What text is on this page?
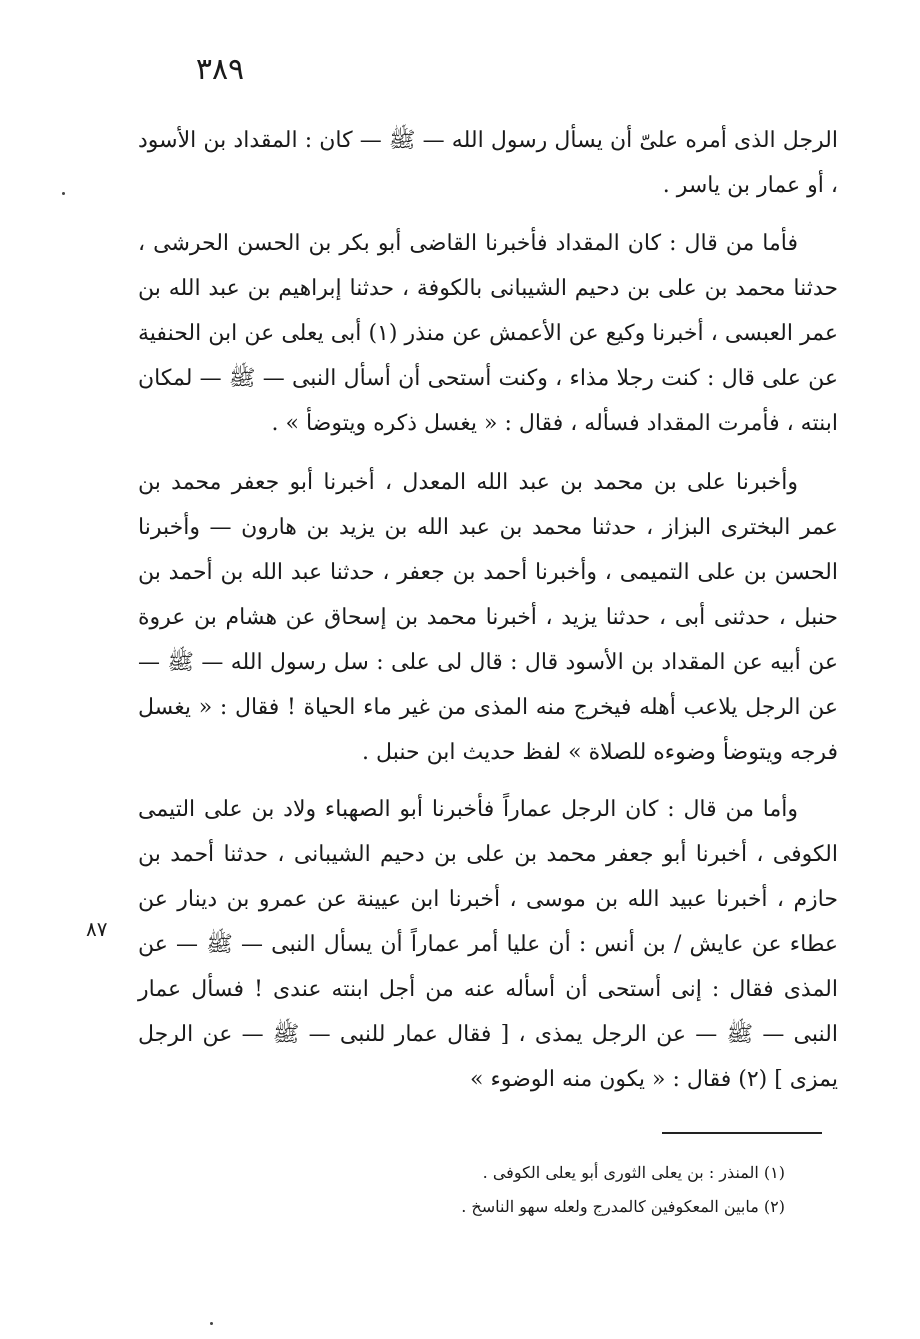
٣٨٩

الرجل الذى أمره علىّ أن يسأل رسول الله — ﷺ — كان : المقداد بن الأسود ، أو عمار بن ياسر .

فأما من قال : كان المقداد فأخبرنا القاضى أبو بكر بن الحسن الحرشى ، حدثنا محمد بن على بن دحيم الشيبانى بالكوفة ، حدثنا إبراهيم بن عبد الله بن عمر العبسى ، أخبرنا وكيع عن الأعمش عن منذر (١) أبى يعلى عن ابن الحنفية عن على قال : كنت رجلا مذاء ، وكنت أستحى أن أسأل النبى — ﷺ — لمكان ابنته ، فأمرت المقداد فسأله ، فقال : « يغسل ذكره ويتوضأ » .

وأخبرنا على بن محمد بن عبد الله المعدل ، أخبرنا أبو جعفر محمد بن عمر البخترى البزاز ، حدثنا محمد بن عبد الله بن يزيد بن هارون — وأخبرنا الحسن بن على التميمى ، وأخبرنا أحمد بن جعفر ، حدثنا عبد الله بن أحمد بن حنبل ، حدثنى أبى ، حدثنا يزيد ، أخبرنا محمد بن إسحاق عن هشام بن عروة عن أبيه عن المقداد بن الأسود قال : قال لى على : سل رسول الله — ﷺ — عن الرجل يلاعب أهله فيخرج منه المذى من غير ماء الحياة ! فقال : « يغسل فرجه ويتوضأ وضوءه للصلاة » لفظ حديث ابن حنبل .

وأما من قال : كان الرجل عماراً فأخبرنا أبو الصهباء ولاد بن على التيمى الكوفى ، أخبرنا أبو جعفر محمد بن على بن دحيم الشيبانى ، حدثنا أحمد بن حازم ، أخبرنا عبيد الله بن موسى ، أخبرنا ابن عيينة عن عمرو بن دينار عن عطاء عن عايش / بن أنس : أن عليا أمر عماراً أن يسأل النبى — ﷺ — عن المذى فقال : إنى أستحى أن أسأله عنه من أجل ابنته عندى ! فسأل عمار النبى — ﷺ — عن الرجل يمذى ، [ فقال عمار للنبى — ﷺ — عن الرجل يمزى ] (٢) فقال : « يكون منه الوضوء »

٨٧
(١) المنذر : بن يعلى الثورى أبو يعلى الكوفى .
(٢) مابين المعكوفين كالمدرج ولعله سهو الناسخ .
